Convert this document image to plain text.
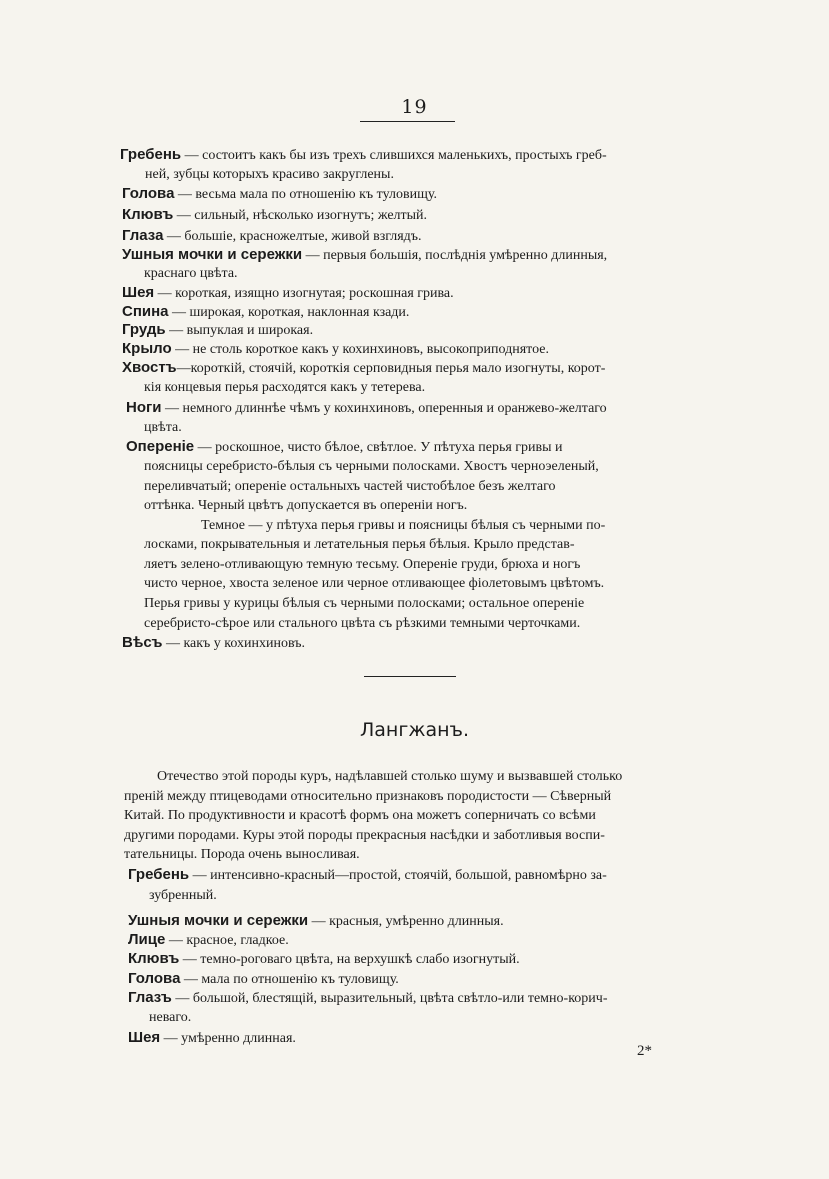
19
Гребень — состоитъ какъ бы изъ трехъ слившихся маленькихъ, простыхъ греб-
ней, зубцы которыхъ красиво закруглены.
Голова — весьма мала по отношенію къ туловищу.
Клювъ — сильный, нѣсколько изогнутъ; желтый.
Глаза — большіе, красножелтые, живой взглядъ.
Ушныя мочки и сережки — первыя большія, послѣднія умѣренно длинныя,
краснаго цвѣта.
Шея — короткая, изящно изогнутая; роскошная грива.
Спина — широкая, короткая, наклонная кзади.
Грудь — выпуклая и широкая.
Крыло — не столь короткое какъ у кохинхиновъ, высокоприподнятое.
Хвостъ—короткій, стоячій, короткія серповидныя перья мало изогнуты, корот-
кія концевыя перья расходятся какъ у тетерева.
Ноги — немного длиннѣе чѣмъ у кохинхиновъ, оперенныя и оранжево-желтаго
цвѣта.
Опереніе — роскошное, чисто бѣлое, свѣтлое. У пѣтуха перья гривы и
поясницы серебристо-бѣлыя съ черными полосками. Хвостъ черноэеленый,
переливчатый; опереніе остальныхъ частей чистобѣлое безъ желтаго
оттѣнка. Черный цвѣтъ допускается въ опереніи ногъ.
Темное — у пѣтуха перья гривы и поясницы бѣлыя съ черными по-
лосками, покрывательныя и летательныя перья бѣлыя. Крыло представ-
ляетъ зелено-отливающую темную тесьму. Опереніе груди, брюха и ногъ
чисто черное, хвоста зеленое или черное отливающее фіолетовымъ цвѣтомъ.
Перья гривы у курицы бѣлыя съ черными полосками; остальное опереніе
серебристо-сѣрое или стального цвѣта съ рѣзкими темными черточками.
Вѣсъ — какъ у кохинхиновъ.
Лангжанъ.
Отечество этой породы куръ, надѣлавшей столько шуму и вызвавшей столько
преній между птицеводами относительно признаковъ породистости — Сѣверный
Китай. По продуктивности и красотѣ формъ она можетъ соперничать со всѣми
другими породами. Куры этой породы прекрасныя насѣдки и заботливыя воспи-
тательницы. Порода очень выносливая.
Гребень — интенсивно-красный—простой, стоячій, большой, равномѣрно за-
зубренный.
Ушныя мочки и сережки — красныя, умѣренно длинныя.
Лице — красное, гладкое.
Клювъ — темно-роговаго цвѣта, на верхушкѣ слабо изогнутый.
Голова — мала по отношенію къ туловищу.
Глазъ — большой, блестящій, выразительный, цвѣта свѣтло-или темно-корич-
неваго.
Шея — умѣренно длинная.
2*
